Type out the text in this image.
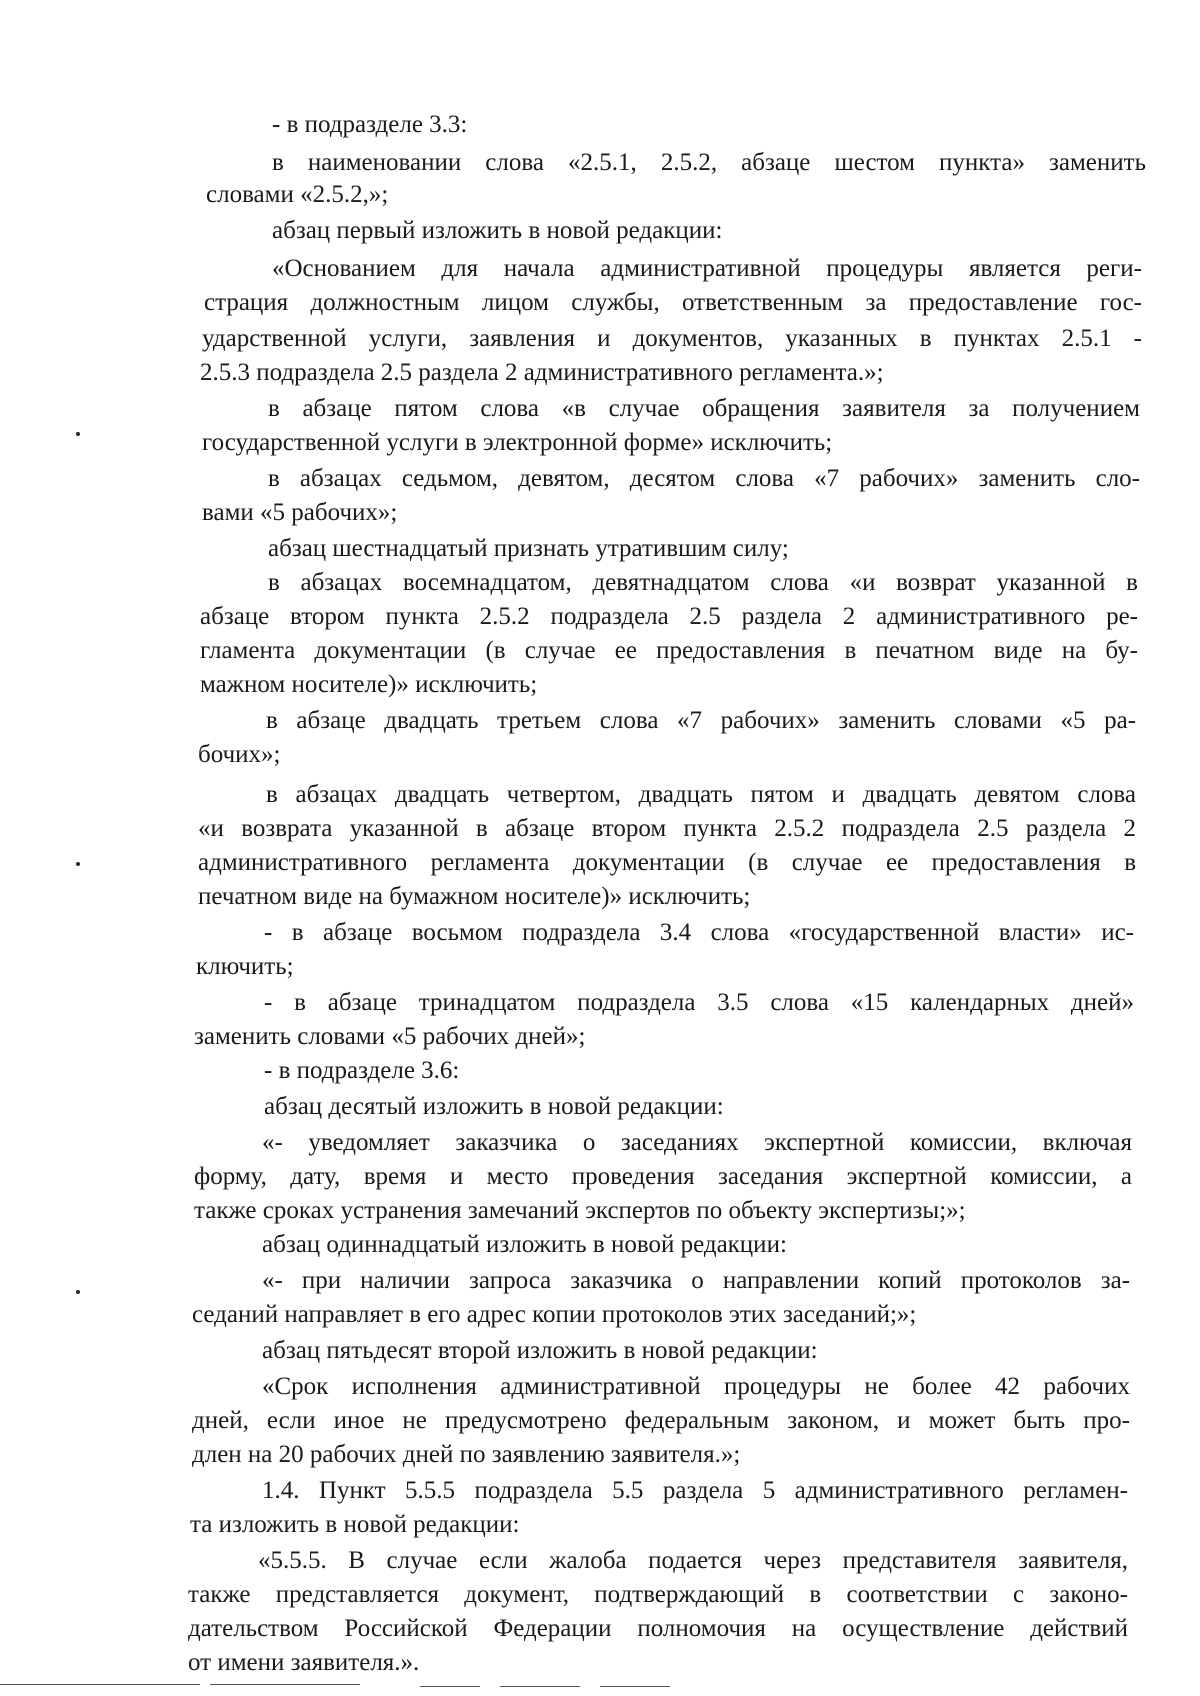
- в подразделе 3.3:
в наименовании слова «2.5.1, 2.5.2, абзаце шестом пункта» заменить
словами «2.5.2,»;
абзац первый изложить в новой редакции:
«Основанием для начала административной процедуры является реги-
страция должностным лицом службы, ответственным за предоставление гос-
ударственной услуги, заявления и документов, указанных в пунктах 2.5.1 -
2.5.3 подраздела 2.5 раздела 2 административного регламента.»;
в абзаце пятом слова «в случае обращения заявителя за получением
государственной услуги в электронной форме» исключить;
в абзацах седьмом, девятом, десятом слова «7 рабочих» заменить сло-
вами «5 рабочих»;
абзац шестнадцатый признать утратившим силу;
в абзацах восемнадцатом, девятнадцатом слова «и возврат указанной в
абзаце втором пункта 2.5.2 подраздела 2.5 раздела 2 административного ре-
гламента документации (в случае ее предоставления в печатном виде на бу-
мажном носителе)» исключить;
в абзаце двадцать третьем слова «7 рабочих» заменить словами «5 ра-
бочих»;
в абзацах двадцать четвертом, двадцать пятом и двадцать девятом слова
«и возврата указанной в абзаце втором пункта 2.5.2 подраздела 2.5 раздела 2
административного регламента документации (в случае ее предоставления в
печатном виде на бумажном носителе)» исключить;
- в абзаце восьмом подраздела 3.4 слова «государственной власти» ис-
ключить;
- в абзаце тринадцатом подраздела 3.5 слова «15 календарных дней»
заменить словами «5 рабочих дней»;
- в подразделе 3.6:
абзац десятый изложить в новой редакции:
«- уведомляет заказчика о заседаниях экспертной комиссии, включая
форму, дату, время и место проведения заседания экспертной комиссии, а
также сроках устранения замечаний экспертов по объекту экспертизы;»;
абзац одиннадцатый изложить в новой редакции:
«- при наличии запроса заказчика о направлении копий протоколов за-
седаний направляет в его адрес копии протоколов этих заседаний;»;
абзац пятьдесят второй изложить в новой редакции:
«Срок исполнения административной процедуры не более 42 рабочих
дней, если иное не предусмотрено федеральным законом, и может быть про-
длен на 20 рабочих дней по заявлению заявителя.»;
1.4. Пункт 5.5.5 подраздела 5.5 раздела 5 административного регламен-
та изложить в новой редакции:
«5.5.5. В случае если жалоба подается через представителя заявителя,
также представляется документ, подтверждающий в соответствии с законо-
дательством Российской Федерации полномочия на осуществление действий
от имени заявителя.».
